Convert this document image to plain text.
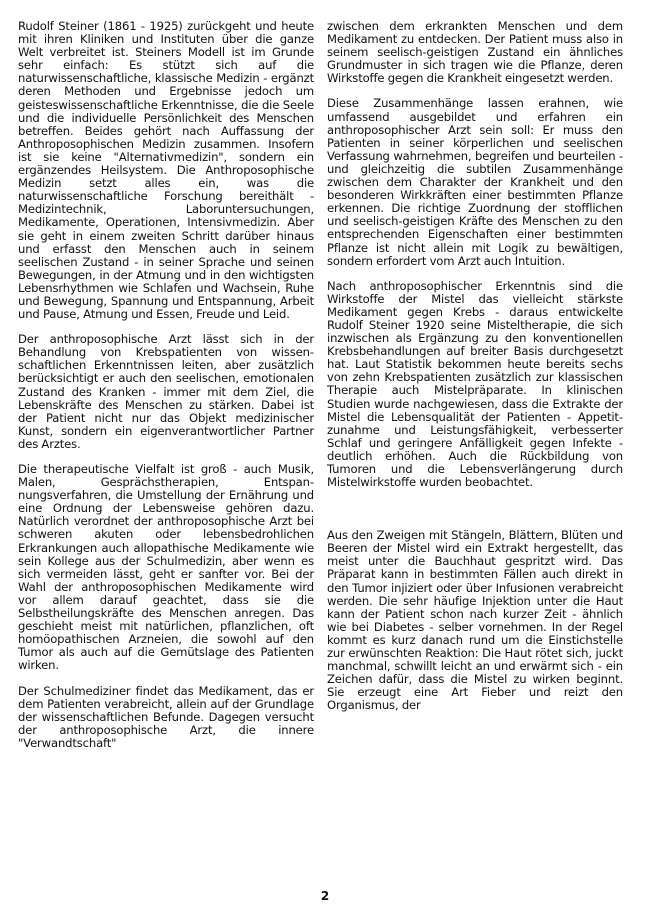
Rudolf Steiner (1861 - 1925) zurückgeht und heute mit ihren Kliniken und Instituten über die ganze Welt verbreitet ist. Steiners Modell ist im Grunde sehr einfach: Es stützt sich auf die naturwissenschaftliche, klassische Medizin - ergänzt deren Methoden und Ergebnisse jedoch um geisteswissenschaftliche Erkenntnisse, die die Seele und die individuelle Persönlichkeit des Menschen betreffen. Beides gehört nach Auffassung der Anthroposophischen Medizin zusammen. Insofern ist sie keine "Alternativmedizin", sondern ein ergänzendes Heilsystem. Die Anthroposophische Medizin setzt alles ein, was die naturwissenschaftliche Forschung bereithält - Medizintechnik, Laboruntersuchungen, Medikamente, Operationen, Intensivmedizin. Aber sie geht in einem zweiten Schritt darüber hinaus und erfasst den Menschen auch in seinem seelischen Zustand - in seiner Sprache und seinen Bewegungen, in der Atmung und in den wichtigsten Lebensrhythmen wie Schlafen und Wachsein, Ruhe und Bewegung, Spannung und Entspannung, Arbeit und Pause, Atmung und Essen, Freude und Leid.

Der anthroposophische Arzt lässt sich in der Behandlung von Krebspatienten von wissenschaftlichen Erkenntnissen leiten, aber zusätzlich berücksichtigt er auch den seelischen, emotionalen Zustand des Kranken - immer mit dem Ziel, die Lebenskräfte des Menschen zu stärken. Dabei ist der Patient nicht nur das Objekt medizinischer Kunst, sondern ein eigenverantwortlicher Partner des Arztes.

Die therapeutische Vielfalt ist groß - auch Musik, Malen, Gesprächstherapien, Entspannungsverfahren, die Umstellung der Ernährung und eine Ordnung der Lebensweise gehören dazu. Natürlich verordnet der anthroposophische Arzt bei schweren akuten oder lebensbedrohlichen Erkrankungen auch allopathische Medikamente wie sein Kollege aus der Schulmedizin, aber wenn es sich vermeiden lässt, geht er sanfter vor. Bei der Wahl der anthroposophischen Medikamente wird vor allem darauf geachtet, dass sie die Selbstheilungskräfte des Menschen anregen. Das geschieht meist mit natürlichen, pflanzlichen, oft homöopathischen Arzneien, die sowohl auf den Tumor als auch auf die Gemütslage des Patienten wirken.

Der Schulmediziner findet das Medikament, das er dem Patienten verabreicht, allein auf der Grundlage der wissenschaftlichen Befunde. Dagegen versucht der anthroposophische Arzt, die innere "Verwandtschaft"

zwischen dem erkrankten Menschen und dem Medikament zu entdecken. Der Patient muss also in seinem seelisch-geistigen Zustand ein ähnliches Grundmuster in sich tragen wie die Pflanze, deren Wirkstoffe gegen die Krankheit eingesetzt werden.

Diese Zusammenhänge lassen erahnen, wie umfassend ausgebildet und erfahren ein anthroposophischer Arzt sein soll: Er muss den Patienten in seiner körperlichen und seelischen Verfassung wahrnehmen, begreifen und beurteilen - und gleichzeitig die subtilen Zusammenhänge zwischen dem Charakter der Krankheit und den besonderen Wirkkräften einer bestimmten Pflanze erkennen. Die richtige Zuordnung der stofflichen und seelisch-geistigen Kräfte des Menschen zu den entsprechenden Eigenschaften einer bestimmten Pflanze ist nicht allein mit Logik zu bewältigen, sondern erfordert vom Arzt auch Intuition.

Nach anthroposophischer Erkenntnis sind die Wirkstoffe der Mistel das vielleicht stärkste Medikament gegen Krebs - daraus entwickelte Rudolf Steiner 1920 seine Misteltherapie, die sich inzwischen als Ergänzung zu den konventionellen Krebsbehandlungen auf breiter Basis durchgesetzt hat. Laut Statistik bekommen heute bereits sechs von zehn Krebspatienten zusätzlich zur klassischen Therapie auch Mistelpräparate. In klinischen Studien wurde nachgewiesen, dass die Extrakte der Mistel die Lebensqualität der Patienten - Appetitzunahme und Leistungsfähigkeit, verbesserter Schlaf und geringere Anfälligkeit gegen Infekte - deutlich erhöhen. Auch die Rückbildung von Tumoren und die Lebensverlängerung durch Mistelwirkstoffe wurden beobachtet.

Aus den Zweigen mit Stängeln, Blättern, Blüten und Beeren der Mistel wird ein Extrakt hergestellt, das meist unter die Bauchhaut gespritzt wird. Das Präparat kann in bestimmten Fällen auch direkt in den Tumor injiziert oder über Infusionen verabreicht werden. Die sehr häufige Injektion unter die Haut kann der Patient schon nach kurzer Zeit - ähnlich wie bei Diabetes - selber vornehmen. In der Regel kommt es kurz danach rund um die Einstichstelle zur erwünschten Reaktion: Die Haut rötet sich, juckt manchmal, schwillt leicht an und erwärmt sich - ein Zeichen dafür, dass die Mistel zu wirken beginnt. Sie erzeugt eine Art Fieber und reizt den Organismus, der

2
